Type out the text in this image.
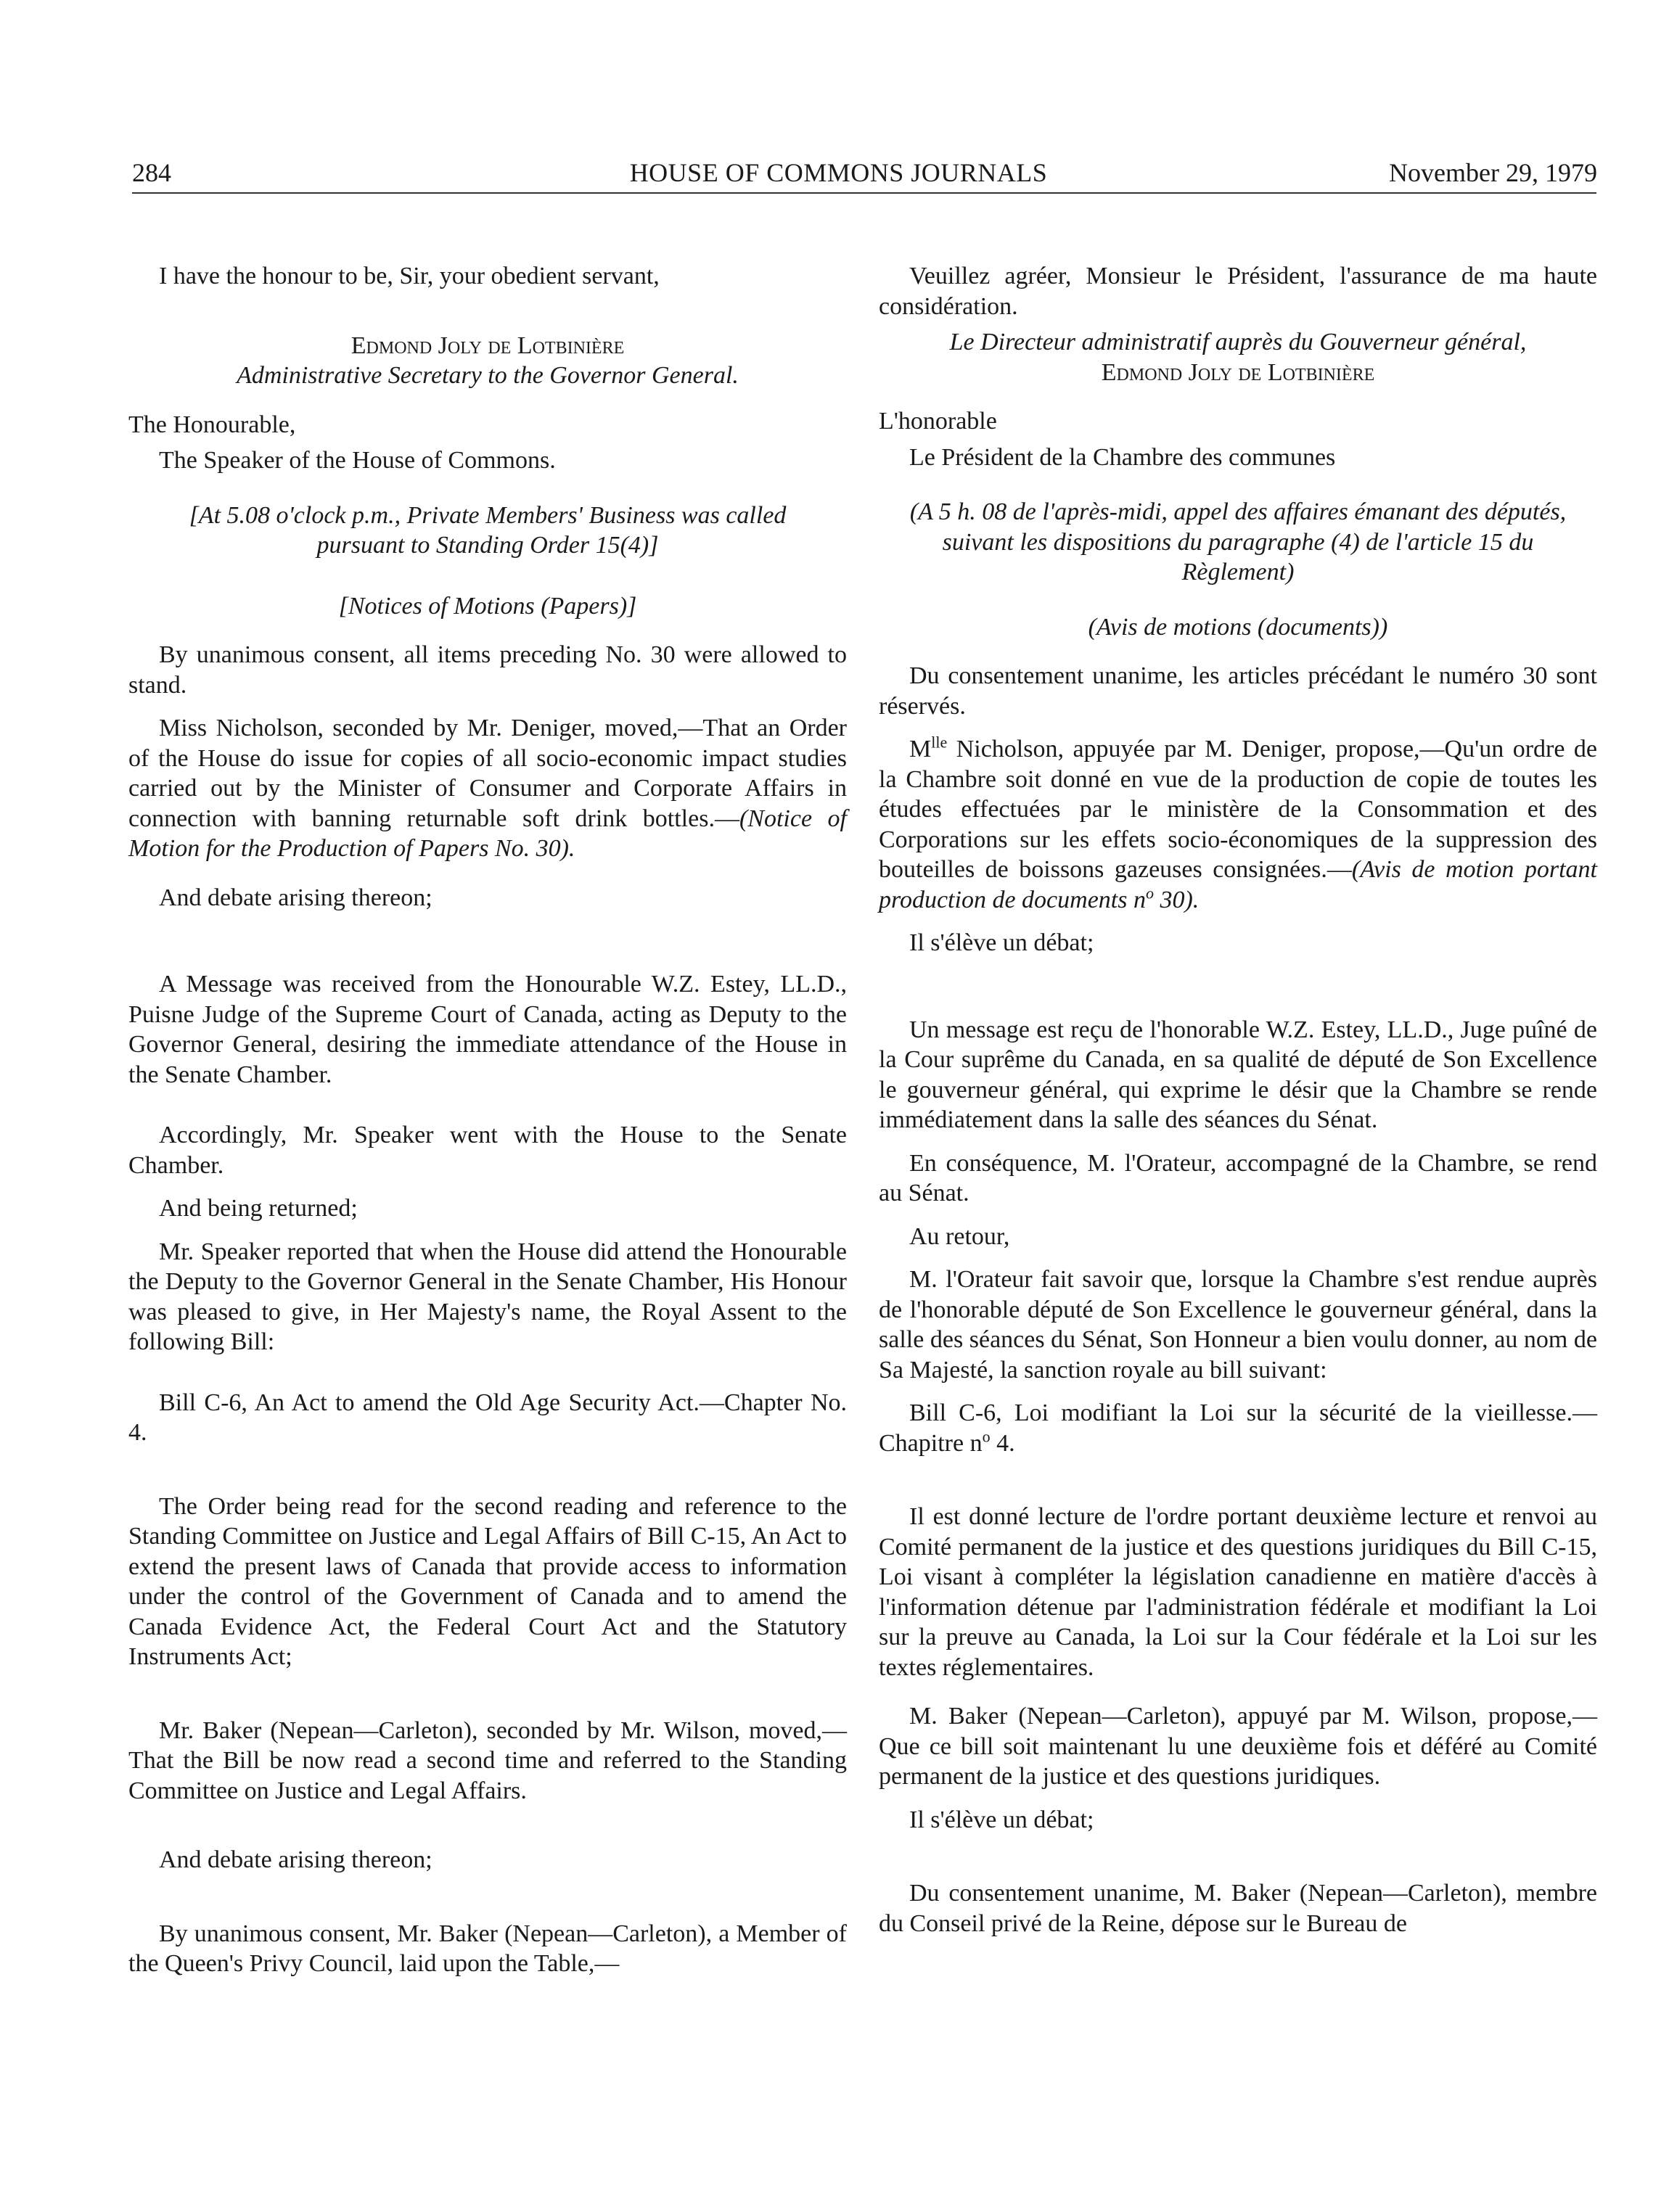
284	HOUSE OF COMMONS JOURNALS	November 29, 1979

I have the honour to be, Sir, your obedient servant,

Edmond Joly de Lotbinière

Administrative Secretary to the Governor General.

The Honourable,

The Speaker of the House of Commons.

[At 5.08 o'clock p.m., Private Members' Business was called pursuant to Standing Order 15(4)]

[Notices of Motions (Papers)]

By unanimous consent, all items preceding No. 30 were allowed to stand.

Miss Nicholson, seconded by Mr. Deniger, moved,—That an Order of the House do issue for copies of all socio-economic impact studies carried out by the Minister of Consumer and Corporate Affairs in connection with banning returnable soft drink bottles.—(Notice of Motion for the Production of Papers No. 30).

And debate arising thereon;

A Message was received from the Honourable W.Z. Estey, LL.D., Puisne Judge of the Supreme Court of Canada, acting as Deputy to the Governor General, desiring the immediate attendance of the House in the Senate Chamber.

Accordingly, Mr. Speaker went with the House to the Senate Chamber.

And being returned;

Mr. Speaker reported that when the House did attend the Honourable the Deputy to the Governor General in the Senate Chamber, His Honour was pleased to give, in Her Majesty's name, the Royal Assent to the following Bill:

Bill C-6, An Act to amend the Old Age Security Act.—Chapter No. 4.

The Order being read for the second reading and reference to the Standing Committee on Justice and Legal Affairs of Bill C-15, An Act to extend the present laws of Canada that provide access to information under the control of the Government of Canada and to amend the Canada Evidence Act, the Federal Court Act and the Statutory Instruments Act;

Mr. Baker (Nepean—Carleton), seconded by Mr. Wilson, moved,—That the Bill be now read a second time and referred to the Standing Committee on Justice and Legal Affairs.

And debate arising thereon;

By unanimous consent, Mr. Baker (Nepean—Carleton), a Member of the Queen's Privy Council, laid upon the Table,—

Veuillez agréer, Monsieur le Président, l'assurance de ma haute considération.

Le Directeur administratif auprès du Gouverneur général,

Edmond Joly de Lotbinière

L'honorable

Le Président de la Chambre des communes

(A 5 h. 08 de l'après-midi, appel des affaires émanant des députés, suivant les dispositions du paragraphe (4) de l'article 15 du Règlement)

(Avis de motions (documents))

Du consentement unanime, les articles précédant le numéro 30 sont réservés.

$M^{lle}$ Nicholson, appuyée par M. Deniger, propose,—Qu'un ordre de la Chambre soit donné en vue de la production de copie de toutes les études effectuées par le ministère de la Consommation et des Corporations sur les effets socio-économiques de la suppression des bouteilles de boissons gazeuses consignées.—(Avis de motion portant production de documents $n^o$ 30).

Il s'élève un débat;

Un message est reçu de l'honorable W.Z. Estey, LL.D., Juge puîné de la Cour suprême du Canada, en sa qualité de député de Son Excellence le gouverneur général, qui exprime le désir que la Chambre se rende immédiatement dans la salle des séances du Sénat.

En conséquence, M. l'Orateur, accompagné de la Chambre, se rend au Sénat.

Au retour,

M. l'Orateur fait savoir que, lorsque la Chambre s'est rendue auprès de l'honorable député de Son Excellence le gouverneur général, dans la salle des séances du Sénat, Son Honneur a bien voulu donner, au nom de Sa Majesté, la sanction royale au bill suivant:

Bill C-6, Loi modifiant la Loi sur la sécurité de la vieillesse.—Chapitre $n^o$ 4.

Il est donné lecture de l'ordre portant deuxième lecture et renvoi au Comité permanent de la justice et des questions juridiques du Bill C-15, Loi visant à compléter la législation canadienne en matière d'accès à l'information détenue par l'administration fédérale et modifiant la Loi sur la preuve au Canada, la Loi sur la Cour fédérale et la Loi sur les textes réglementaires.

M. Baker (Nepean—Carleton), appuyé par M. Wilson, propose,—Que ce bill soit maintenant lu une deuxième fois et déféré au Comité permanent de la justice et des questions juridiques.

Il s'élève un débat;

Du consentement unanime, M. Baker (Nepean—Carleton), membre du Conseil privé de la Reine, dépose sur le Bureau de
